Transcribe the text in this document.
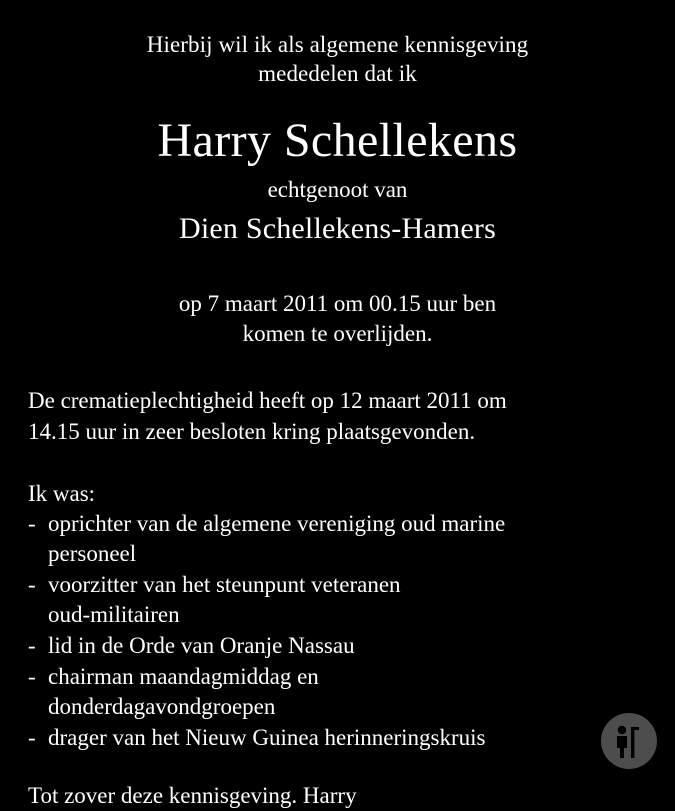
Hierbij wil ik als algemene kennisgeving
mededelen dat ik
Harry Schellekens
echtgenoot van
Dien Schellekens-Hamers
op 7 maart 2011 om 00.15 uur ben
komen te overlijden.
De crematieplechtigheid heeft op 12 maart 2011 om
14.15 uur in zeer besloten kring plaatsgevonden.
Ik was:
- oprichter van de algemene vereniging oud marine
personeel
- voorzitter van het steunpunt veteranen
oud-militairen
- lid in de Orde van Oranje Nassau
- chairman maandagmiddag en
donderdagavondgroepen
- drager van het Nieuw Guinea herinneringskruis
Tot zover deze kennisgeving. Harry
